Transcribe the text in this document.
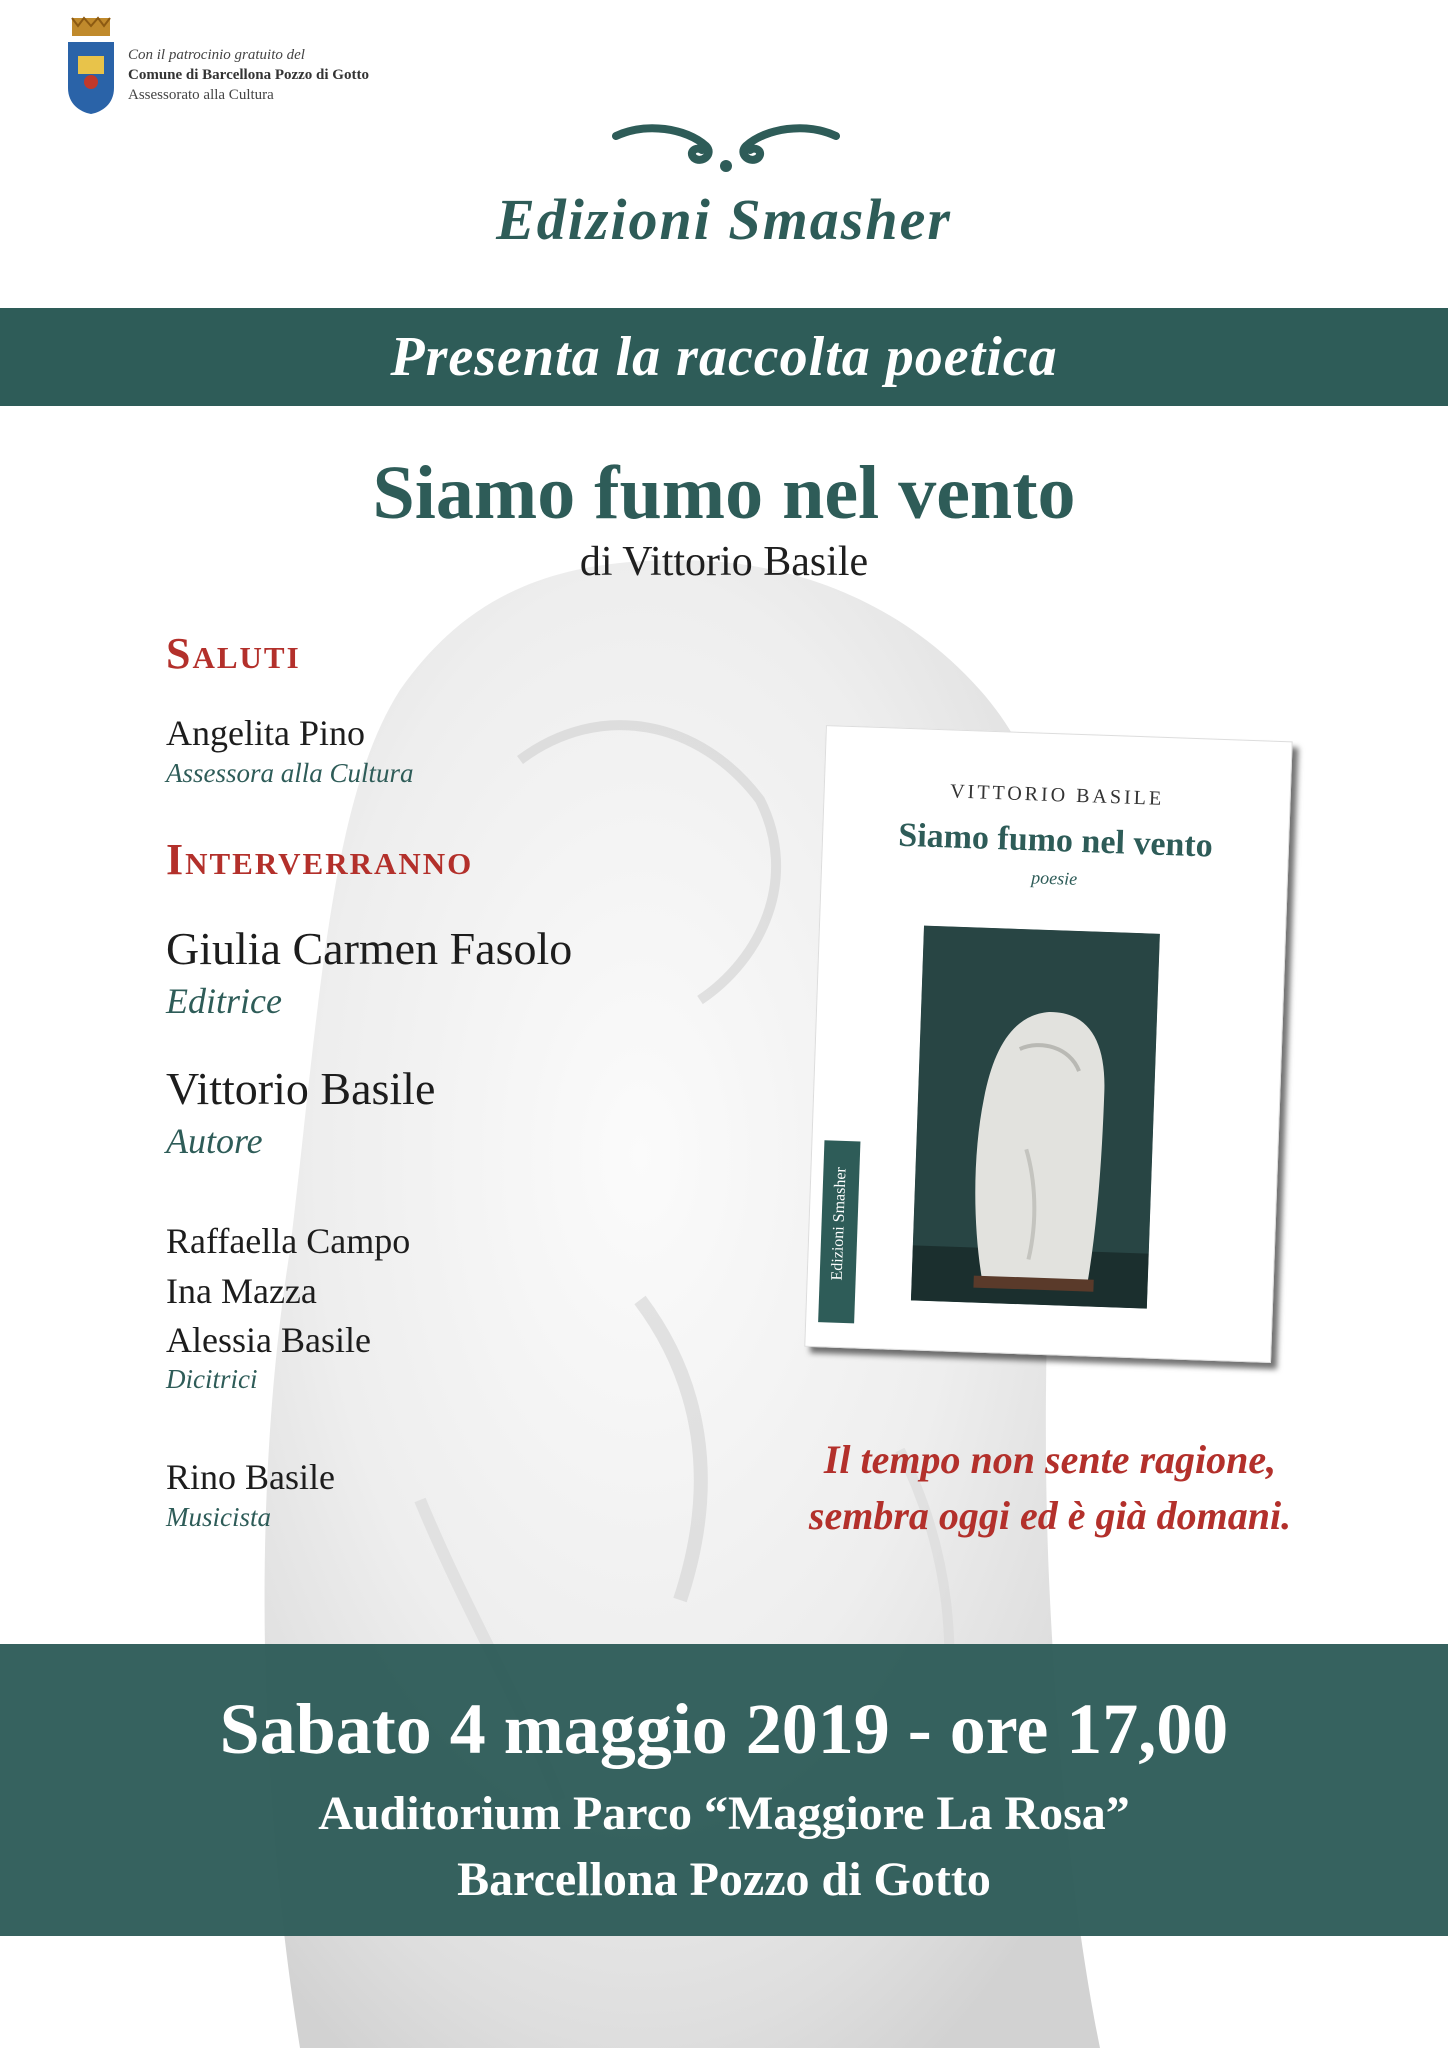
Con il patrocinio gratuito del
Comune di Barcellona Pozzo di Gotto
Assessorato alla Cultura
Edizioni Smasher
Presenta la raccolta poetica
Siamo fumo nel vento
di Vittorio Basile
Saluti
Angelita Pino
Assessora alla Cultura
Interverranno
Giulia Carmen Fasolo
Editrice
Vittorio Basile
Autore
Raffaella Campo
Ina Mazza
Alessia Basile
Dicitrici
Rino Basile
Musicista
VITTORIO BASILE
Siamo fumo nel vento
poesie
Edizioni Smasher
Il tempo non sente ragione,
sembra oggi ed è già domani.
Sabato 4 maggio 2019 - ore 17,00
Auditorium Parco “Maggiore La Rosa”
Barcellona Pozzo di Gotto
